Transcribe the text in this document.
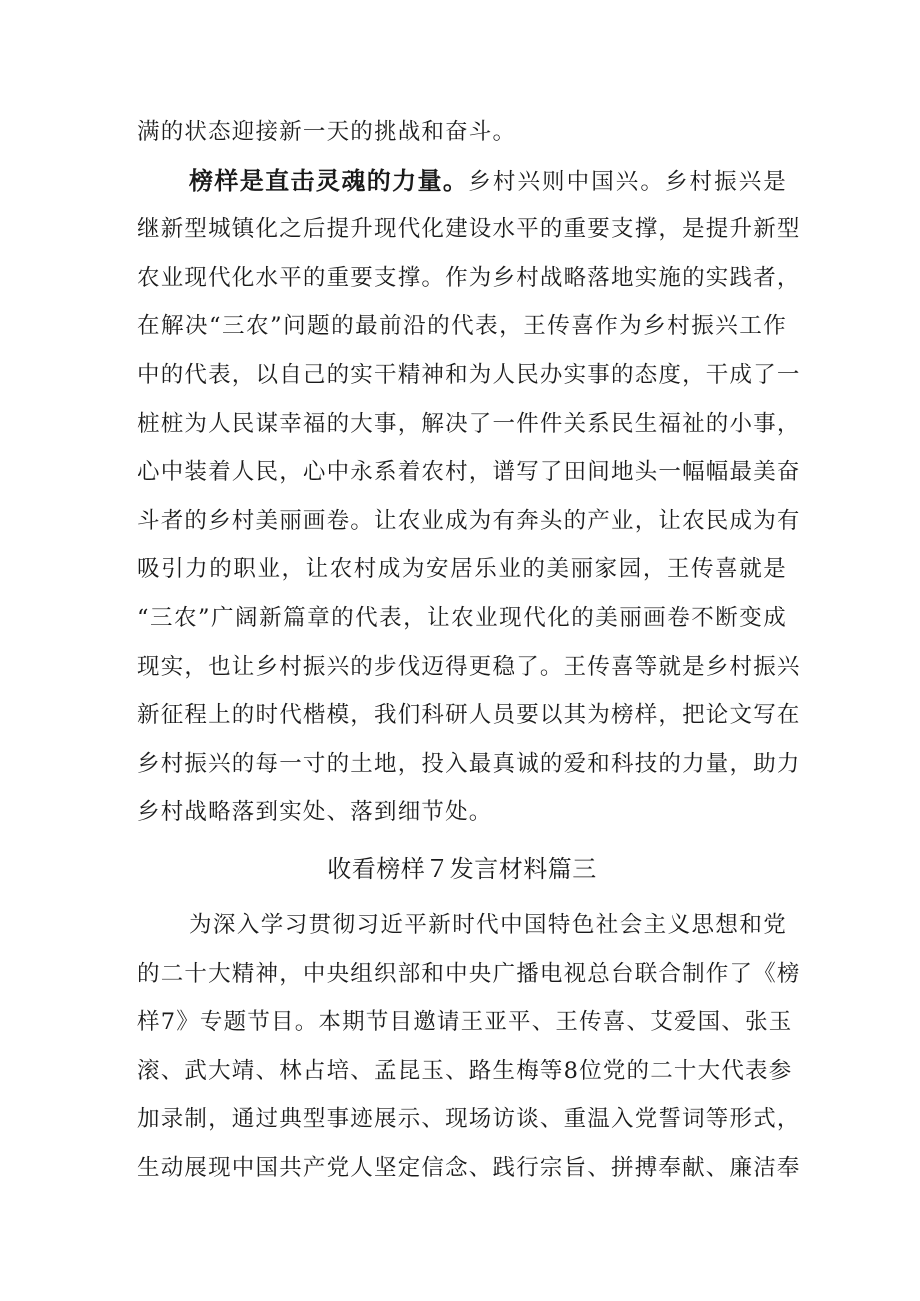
满的状态迎接新一天的挑战和奋斗。
榜样是直击灵魂的力量。乡村兴则中国兴。乡村振兴是
继新型城镇化之后提升现代化建设水平的重要支撑，是提升新型
农业现代化水平的重要支撑。作为乡村战略落地实施的实践者，
在解决“三农”问题的最前沿的代表，王传喜作为乡村振兴工作
中的代表，以自己的实干精神和为人民办实事的态度，干成了一
桩桩为人民谋幸福的大事，解决了一件件关系民生福祉的小事，
心中装着人民，心中永系着农村，谱写了田间地头一幅幅最美奋
斗者的乡村美丽画卷。让农业成为有奔头的产业，让农民成为有
吸引力的职业，让农村成为安居乐业的美丽家园，王传喜就是
“三农”广阔新篇章的代表，让农业现代化的美丽画卷不断变成
现实，也让乡村振兴的步伐迈得更稳了。王传喜等就是乡村振兴
新征程上的时代楷模，我们科研人员要以其为榜样，把论文写在
乡村振兴的每一寸的土地，投入最真诚的爱和科技的力量，助力
乡村战略落到实处、落到细节处。
收看榜样７发言材料篇三
为深入学习贯彻习近平新时代中国特色社会主义思想和党
的二十大精神，中央组织部和中央广播电视总台联合制作了《榜
样7》专题节目。本期节目邀请王亚平、王传喜、艾爱国、张玉
滚、武大靖、林占培、孟昆玉、路生梅等8位党的二十大代表参
加录制，通过典型事迹展示、现场访谈、重温入党誓词等形式，
生动展现中国共产党人坚定信念、践行宗旨、拼搏奉献、廉洁奉
